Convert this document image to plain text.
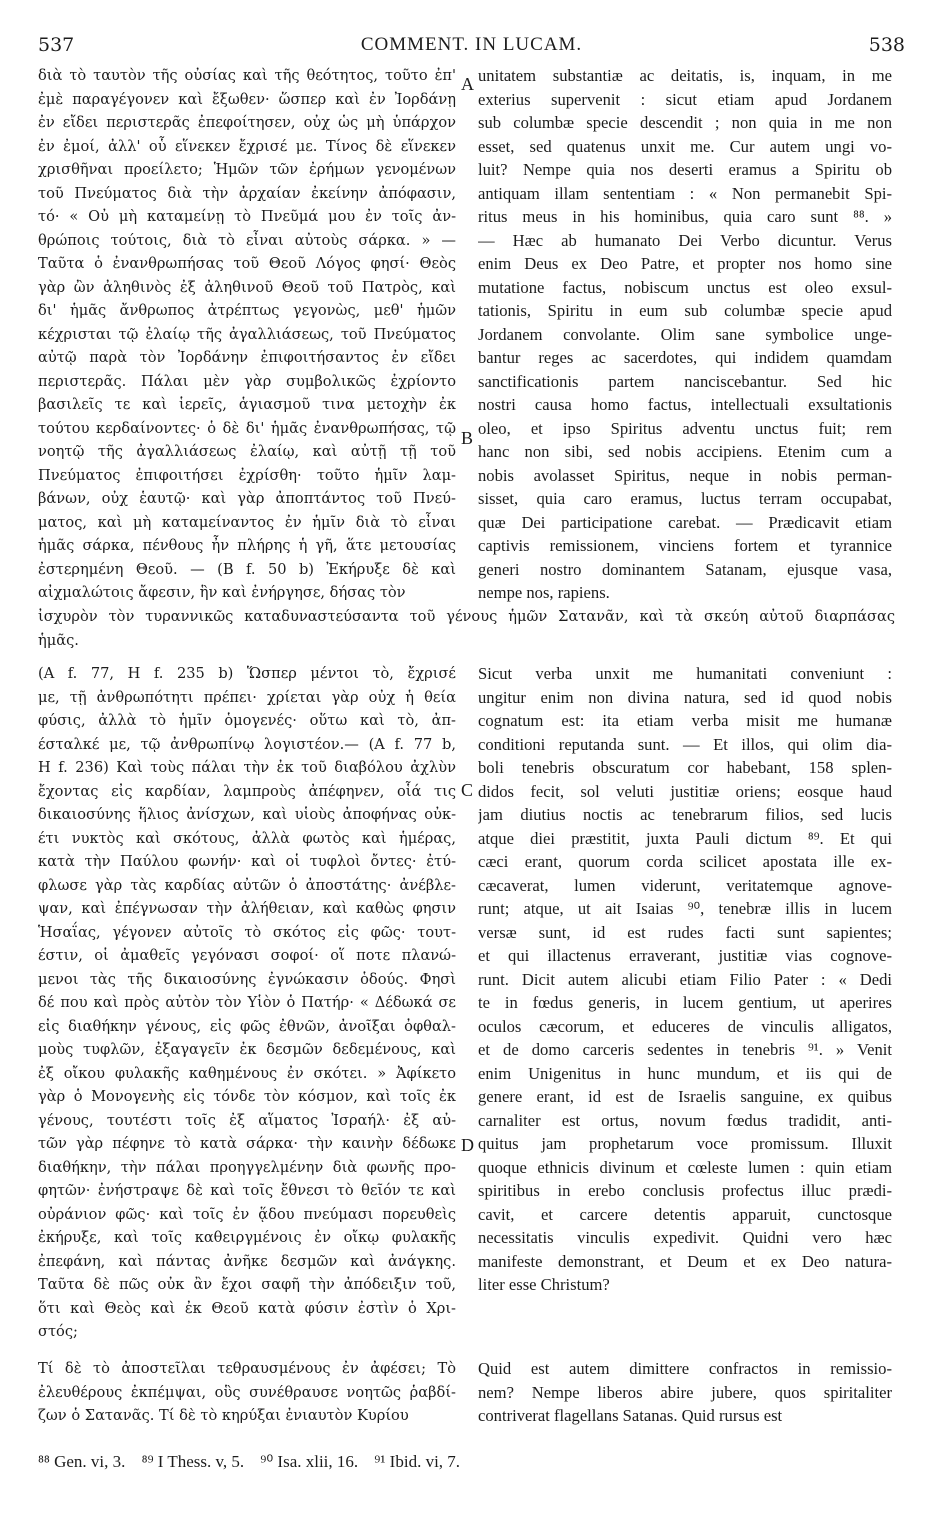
537	COMMENT. IN LUCAM.	538
A
B
C
D
διὰ τὸ ταυτὸν τῆς οὐσίας καὶ τῆς θεότητος, τοῦτο ἐπ'
ἐμὲ παραγέγονεν καὶ ἔξωθεν· ὥσπερ καὶ ἐν Ἰορδάνῃ
ἐν εἴδει περιστερᾶς ἐπεφοίτησεν, οὐχ ὡς μὴ ὑπάρχον
ἐν ἐμοί, ἀλλ' οὗ εἵνεκεν ἔχρισέ με. Τίνος δὲ εἵνεκεν
χρισθῆναι προείλετο; Ἡμῶν τῶν ἐρήμων γενομένων
τοῦ Πνεύματος διὰ τὴν ἀρχαίαν ἐκείνην ἀπόφασιν,
τό· « Οὐ μὴ καταμείνῃ τὸ Πνεῦμά μου ἐν τοῖς ἀν-
θρώποις τούτοις, διὰ τὸ εἶναι αὐτοὺς σάρκα. » —
Ταῦτα ὁ ἐνανθρωπήσας τοῦ Θεοῦ Λόγος φησί· Θεὸς
γὰρ ὢν ἀληθινὸς ἐξ ἀληθινοῦ Θεοῦ τοῦ Πατρὸς, καὶ
δι' ἡμᾶς ἄνθρωπος ἀτρέπτως γεγονὼς, μεθ' ἡμῶν
κέχρισται τῷ ἐλαίῳ τῆς ἀγαλλιάσεως, τοῦ Πνεύματος
αὐτῷ παρὰ τὸν Ἰορδάνην ἐπιφοιτήσαντος ἐν εἴδει
περιστερᾶς. Πάλαι μὲν γὰρ συμβολικῶς ἐχρίοντο
βασιλεῖς τε καὶ ἱερεῖς, ἁγιασμοῦ τινα μετοχὴν ἐκ
τούτου κερδαίνοντες· ὁ δὲ δι' ἡμᾶς ἐνανθρωπήσας, τῷ
νοητῷ τῆς ἀγαλλιάσεως ἐλαίῳ, καὶ αὐτῇ τῇ τοῦ
Πνεύματος ἐπιφοιτήσει ἐχρίσθη· τοῦτο ἡμῖν λαμ-
βάνων, οὐχ ἑαυτῷ· καὶ γὰρ ἀποπτάντος τοῦ Πνεύ-
ματος, καὶ μὴ καταμείναντος ἐν ἡμῖν διὰ τὸ εἶναι
ἡμᾶς σάρκα, πένθους ἦν πλήρης ἡ γῆ, ἅτε μετουσίας
ἐστερημένη Θεοῦ. — (B f. 50 b) Ἐκήρυξε δὲ καὶ
αἰχμαλώτοις ἄφεσιν, ἣν καὶ ἐνήργησε, δήσας τὸν
unitatem substantiæ ac deitatis, is, inquam, in me
exterius supervenit : sicut etiam apud Jordanem
sub columbæ specie descendit ; non quia in me non
esset, sed quatenus unxit me. Cur autem ungi vo-
luit? Nempe quia nos deserti eramus a Spiritu ob
antiquam illam sententiam : « Non permanebit Spi-
ritus meus in his hominibus, quia caro sunt ⁸⁸. »
— Hæc ab humanato Dei Verbo dicuntur. Verus
enim Deus ex Deo Patre, et propter nos homo sine
mutatione factus, nobiscum unctus est oleo exsul-
tationis, Spiritu in eum sub columbæ specie apud
Jordanem convolante. Olim sane symbolice unge-
bantur reges ac sacerdotes, qui indidem quamdam
sanctificationis partem nanciscebantur. Sed hic
nostri causa homo factus, intellectuali exsultationis
oleo, et ipso Spiritus adventu unctus fuit; rem
hanc non sibi, sed nobis accipiens. Etenim cum a
nobis avolasset Spiritus, neque in nobis perman-
sisset, quia caro eramus, luctus terram occupabat,
quæ Dei participatione carebat. — Prædicavit etiam
captivis remissionem, vinciens fortem et tyrannice
generi nostro dominantem Satanam, ejusque vasa,
nempe nos, rapiens.
ἰσχυρὸν τὸν τυραννικῶς καταδυναστεύσαντα τοῦ γένους ἡμῶν Σατανᾶν, καὶ τὰ σκεύη αὐτοῦ διαρπάσας
ἡμᾶς.
(A f. 77, H f. 235 b) Ὥσπερ μέντοι τὸ, ἔχρισέ
με, τῇ ἀνθρωπότητι πρέπει· χρίεται γὰρ οὐχ ἡ θεία
φύσις, ἀλλὰ τὸ ἡμῖν ὁμογενές· οὕτω καὶ τὸ, ἀπ-
έσταλκέ με, τῷ ἀνθρωπίνῳ λογιστέον.— (A f. 77 b,
H f. 236) Καὶ τοὺς πάλαι τὴν ἐκ τοῦ διαβόλου ἀχλὺν
ἔχοντας εἰς καρδίαν, λαμπροὺς ἀπέφηνεν, οἷά τις
δικαιοσύνης ἥλιος ἀνίσχων, καὶ υἱοὺς ἀποφήνας οὐκ-
έτι νυκτὸς καὶ σκότους, ἀλλὰ φωτὸς καὶ ἡμέρας,
κατὰ τὴν Παύλου φωνήν· καὶ οἱ τυφλοὶ ὄντες· ἐτύ-
φλωσε γὰρ τὰς καρδίας αὐτῶν ὁ ἀποστάτης· ἀνέβλε-
ψαν, καὶ ἐπέγνωσαν τὴν ἀλήθειαν, καὶ καθὼς φησιν
Ἡσαΐας, γέγονεν αὐτοῖς τὸ σκότος εἰς φῶς· τουτ-
έστιν, οἱ ἀμαθεῖς γεγόνασι σοφοί· οἵ ποτε πλανώ-
μενοι τὰς τῆς δικαιοσύνης ἐγνώκασιν ὁδούς. Φησὶ
δέ που καὶ πρὸς αὐτὸν τὸν Υἱὸν ὁ Πατήρ· « Δέδωκά σε
εἰς διαθήκην γένους, εἰς φῶς ἐθνῶν, ἀνοῖξαι ὀφθαλ-
μοὺς τυφλῶν, ἐξαγαγεῖν ἐκ δεσμῶν δεδεμένους, καὶ
ἐξ οἴκου φυλακῆς καθημένους ἐν σκότει. » Ἀφίκετο
γὰρ ὁ Μονογενὴς εἰς τόνδε τὸν κόσμον, καὶ τοῖς ἐκ
γένους, τουτέστι τοῖς ἐξ αἵματος Ἰσραήλ· ἐξ αὐ-
τῶν γὰρ πέφηνε τὸ κατὰ σάρκα· τὴν καινὴν δέδωκε
διαθήκην, τὴν πάλαι προηγγελμένην διὰ φωνῆς προ-
φητῶν· ἐνήστραψε δὲ καὶ τοῖς ἔθνεσι τὸ θεῖόν τε καὶ
οὐράνιον φῶς· καὶ τοῖς ἐν ᾅδου πνεύμασι πορευθεὶς
ἐκήρυξε, καὶ τοῖς καθειργμένοις ἐν οἴκῳ φυλακῆς
ἐπεφάνη, καὶ πάντας ἀνῆκε δεσμῶν καὶ ἀνάγκης.
Ταῦτα δὲ πῶς οὐκ ἂν ἔχοι σαφῆ τὴν ἀπόδειξιν τοῦ,
ὅτι καὶ Θεὸς καὶ ἐκ Θεοῦ κατὰ φύσιν ἐστὶν ὁ Χρι-
στός;
Sicut verba unxit me humanitati conveniunt :
ungitur enim non divina natura, sed id quod nobis
cognatum est: ita etiam verba misit me humanæ
conditioni reputanda sunt. — Et illos, qui olim dia-
boli tenebris obscuratum cor habebant, 158 splen-
didos fecit, sol veluti justitiæ oriens; eosque haud
jam diutius noctis ac tenebrarum filios, sed lucis
atque diei præstitit, juxta Pauli dictum ⁸⁹. Et qui
cæci erant, quorum corda scilicet apostata ille ex-
cæcaverat, lumen viderunt, veritatemque agnove-
runt; atque, ut ait Isaias ⁹⁰, tenebræ illis in lucem
versæ sunt, id est rudes facti sunt sapientes;
et qui illactenus erraverant, justitiæ vias cognove-
runt. Dicit autem alicubi etiam Filio Pater : « Dedi
te in fœdus generis, in lucem gentium, ut aperires
oculos cæcorum, et educeres de vinculis alligatos,
et de domo carceris sedentes in tenebris ⁹¹. » Venit
enim Unigenitus in hunc mundum, et iis qui de
genere erant, id est de Israelis sanguine, ex quibus
carnaliter est ortus, novum fœdus tradidit, anti-
quitus jam prophetarum voce promissum. Illuxit
quoque ethnicis divinum et cœleste lumen : quin etiam
spiritibus in erebo conclusis profectus illuc prædi-
cavit, et carcere detentis apparuit, cunctosque
necessitatis vinculis expedivit. Quidni vero hæc
manifeste demonstrant, et Deum et ex Deo natura-
liter esse Christum?
Τί δὲ τὸ ἀποστεῖλαι τεθραυσμένους ἐν ἀφέσει; Τὸ
ἐλευθέρους ἐκπέμψαι, οὓς συνέθραυσε νοητῶς ῥαβδί-
ζων ὁ Σατανᾶς. Τί δὲ τὸ κηρύξαι ἐνιαυτὸν Κυρίου
Quid est autem dimittere confractos in remissio-
nem? Nempe liberos abire jubere, quos spiritaliter
contriverat flagellans Satanas. Quid rursus est
⁸⁸ Gen. vi, 3. ⁸⁹ I Thess. v, 5. ⁹⁰ Isa. xlii, 16. ⁹¹ Ibid. vi, 7.
